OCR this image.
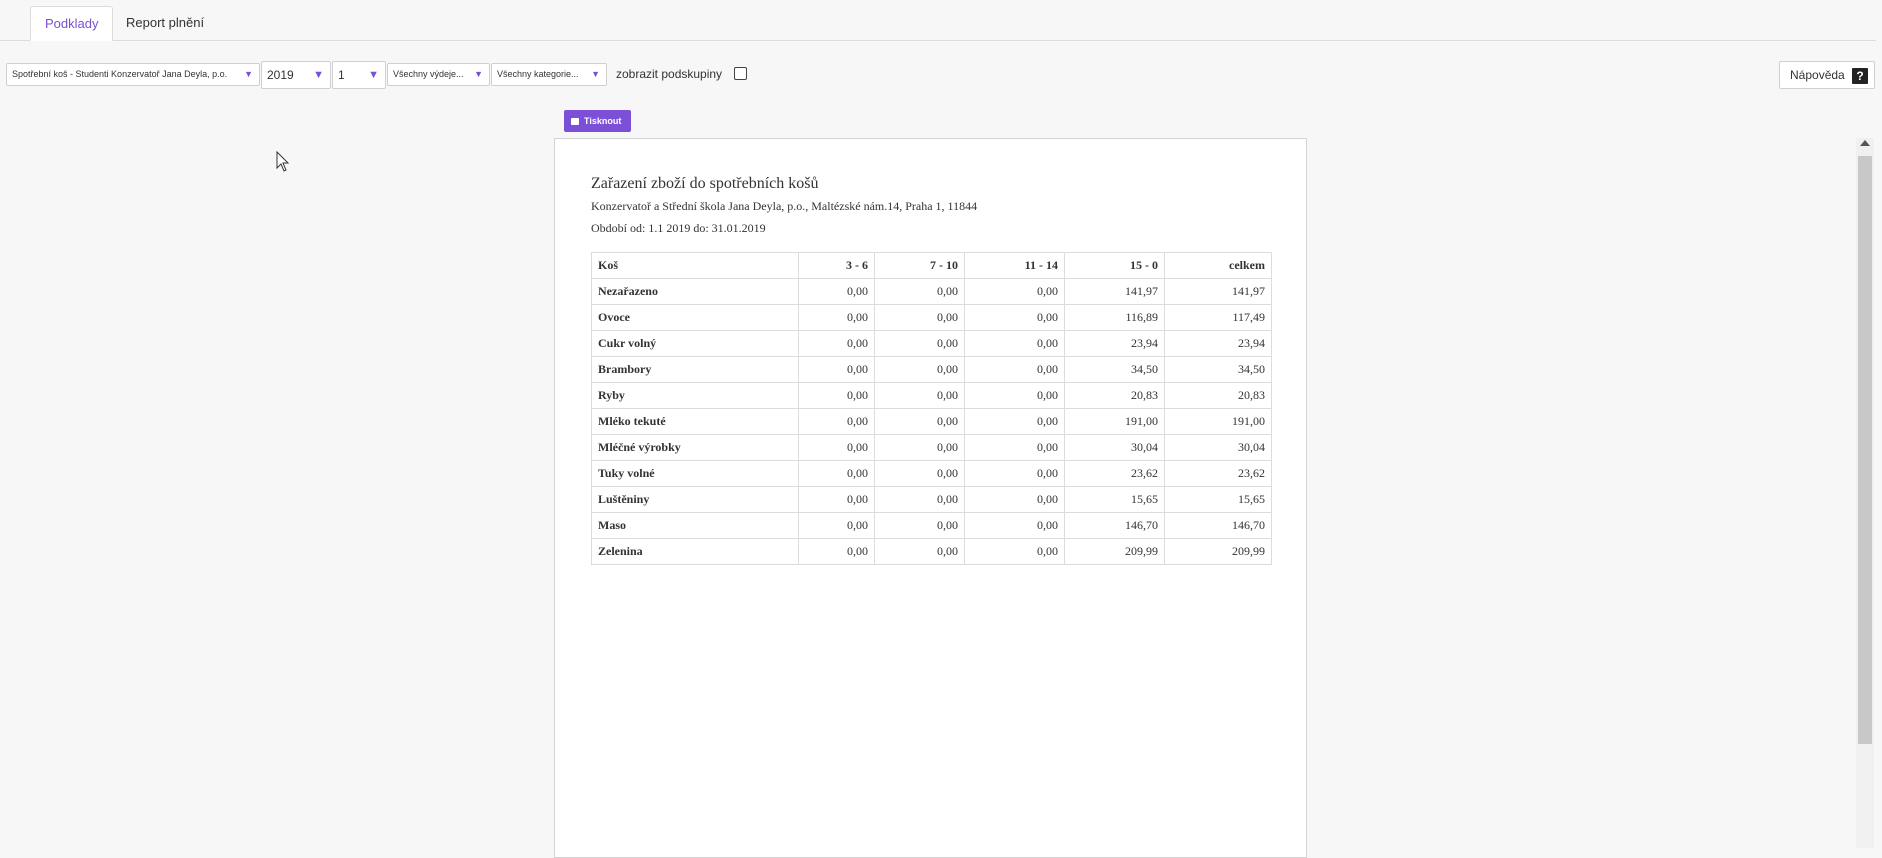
Podklady	Report plnění
Spotřební koš - Studenti Konzervatoř Jana Deyla, p.o. ▼	2019 ▼	1 ▼	Všechny výdeje... ▼	Všechny kategorie... ▼ zobrazit podskupiny	Nápověda ?
Tisknout
Zařazení zboží do spotřebních košů
Konzervatoř a Střední škola Jana Deyla, p.o., Maltézské nám.14, Praha 1, 11844
Období od: 1.1 2019 do: 31.01.2019
Koš	3 - 6	7 - 10	11 - 14	15 - 0	celkem
Nezařazeno	0,00	0,00	0,00	141,97	141,97
Ovoce	0,00	0,00	0,00	116,89	117,49
Cukr volný	0,00	0,00	0,00	23,94	23,94
Brambory	0,00	0,00	0,00	34,50	34,50
Ryby	0,00	0,00	0,00	20,83	20,83
Mléko tekuté	0,00	0,00	0,00	191,00	191,00
Mléčné výrobky	0,00	0,00	0,00	30,04	30,04
Tuky volné	0,00	0,00	0,00	23,62	23,62
Luštěniny	0,00	0,00	0,00	15,65	15,65
Maso	0,00	0,00	0,00	146,70	146,70
Zelenina	0,00	0,00	0,00	209,99	209,99
